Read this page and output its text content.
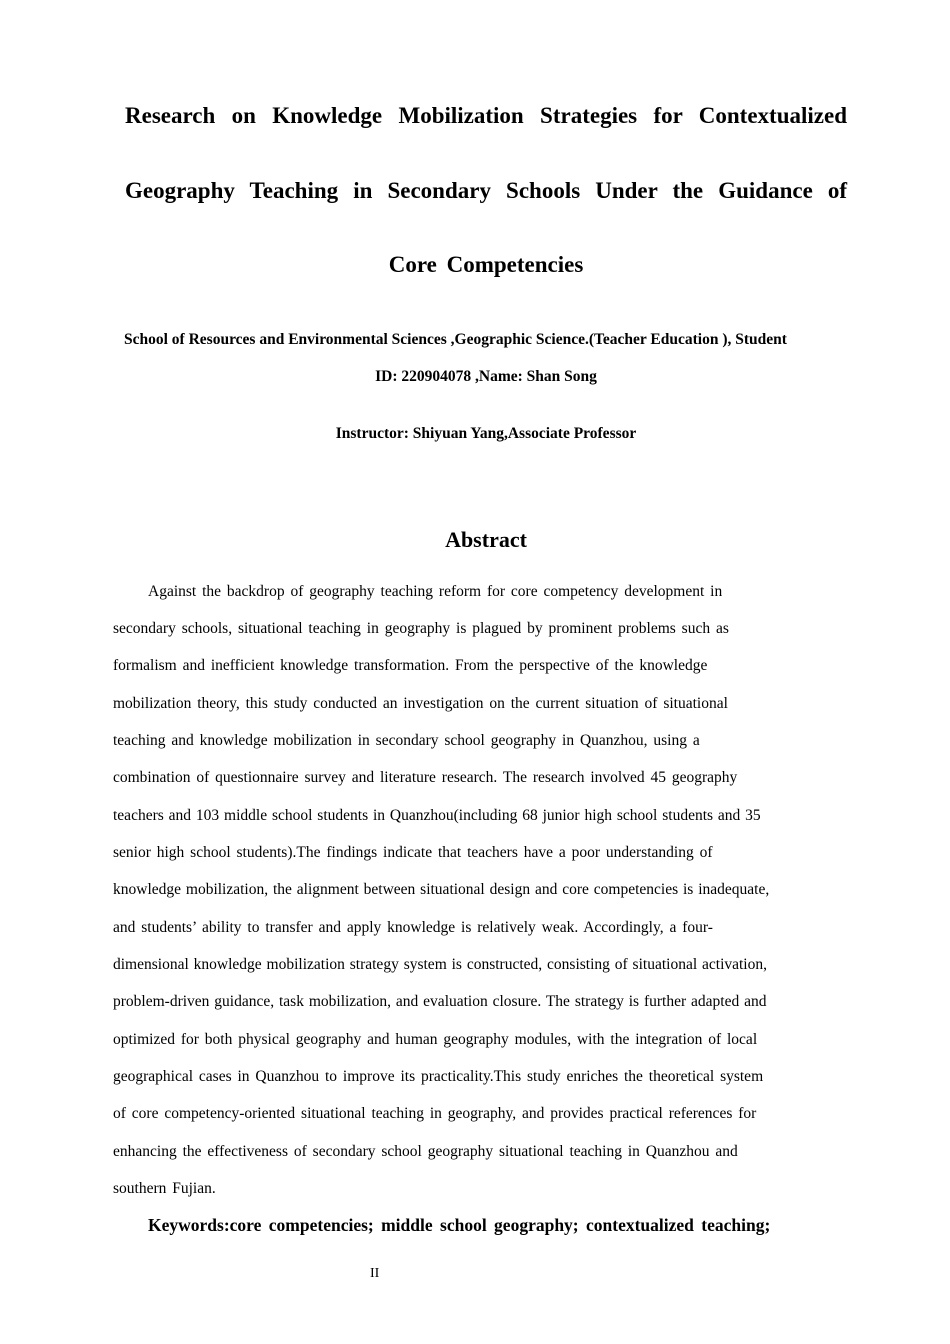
Research on Knowledge Mobilization Strategies for Contextualized
Geography Teaching in Secondary Schools Under the Guidance of
Core Competencies
School of Resources and Environmental Sciences ,Geographic Science.(Teacher Education ), Student
ID: 220904078 ,Name: Shan Song
Instructor: Shiyuan Yang,Associate Professor
Abstract
Against the backdrop of geography teaching reform for core competency development in
secondary schools, situational teaching in geography is plagued by prominent problems such as
formalism and inefficient knowledge transformation. From the perspective of the knowledge
mobilization theory, this study conducted an investigation on the current situation of situational
teaching and knowledge mobilization in secondary school geography in Quanzhou, using a
combination of questionnaire survey and literature research. The research involved 45 geography
teachers and 103 middle school students in Quanzhou(including 68 junior high school students and 35
senior high school students).The findings indicate that teachers have a poor understanding of
knowledge mobilization, the alignment between situational design and core competencies is inadequate,
and students’ ability to transfer and apply knowledge is relatively weak. Accordingly, a four-
dimensional knowledge mobilization strategy system is constructed, consisting of situational activation,
problem-driven guidance, task mobilization, and evaluation closure. The strategy is further adapted and
optimized for both physical geography and human geography modules, with the integration of local
geographical cases in Quanzhou to improve its practicality.This study enriches the theoretical system
of core competency-oriented situational teaching in geography, and provides practical references for
enhancing the effectiveness of secondary school geography situational teaching in Quanzhou and
southern Fujian.
Keywords:core competencies; middle school geography; contextualized teaching;
II
